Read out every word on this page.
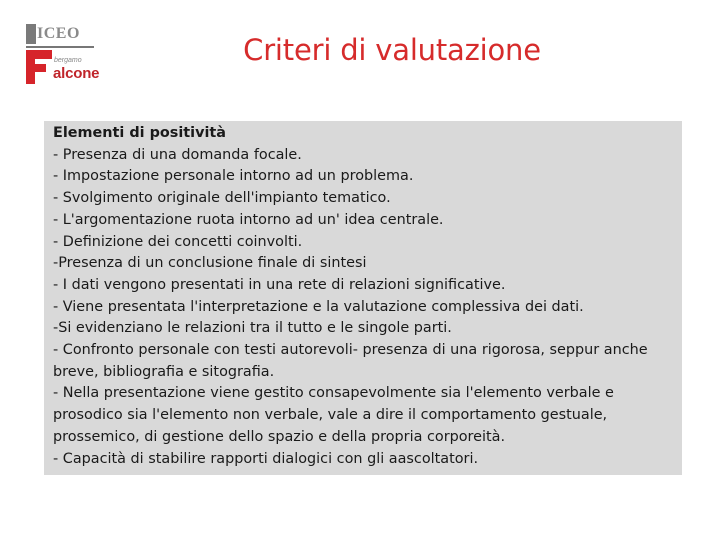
ICEO
bergamo
alcone
Criteri di valutazione
Elementi di positività
- Presenza di una domanda focale.
- Impostazione personale intorno ad un problema.
- Svolgimento originale dell'impianto tematico.
- L'argomentazione ruota intorno ad un' idea centrale.
- Definizione dei concetti coinvolti.
-Presenza di un conclusione finale di sintesi
- I dati vengono presentati in una rete di relazioni significative.
- Viene presentata l'interpretazione e la valutazione complessiva dei dati.
-Si evidenziano le relazioni tra il tutto e le singole parti.
- Confronto personale con testi autorevoli- presenza di una rigorosa, seppur anche
breve, bibliografia e sitografia.
- Nella presentazione viene gestito consapevolmente sia l'elemento verbale e
prosodico sia l'elemento non verbale, vale a dire il comportamento gestuale,
prossemico, di gestione dello spazio e della propria corporeità.
- Capacità di stabilire rapporti dialogici con gli aascoltatori.
